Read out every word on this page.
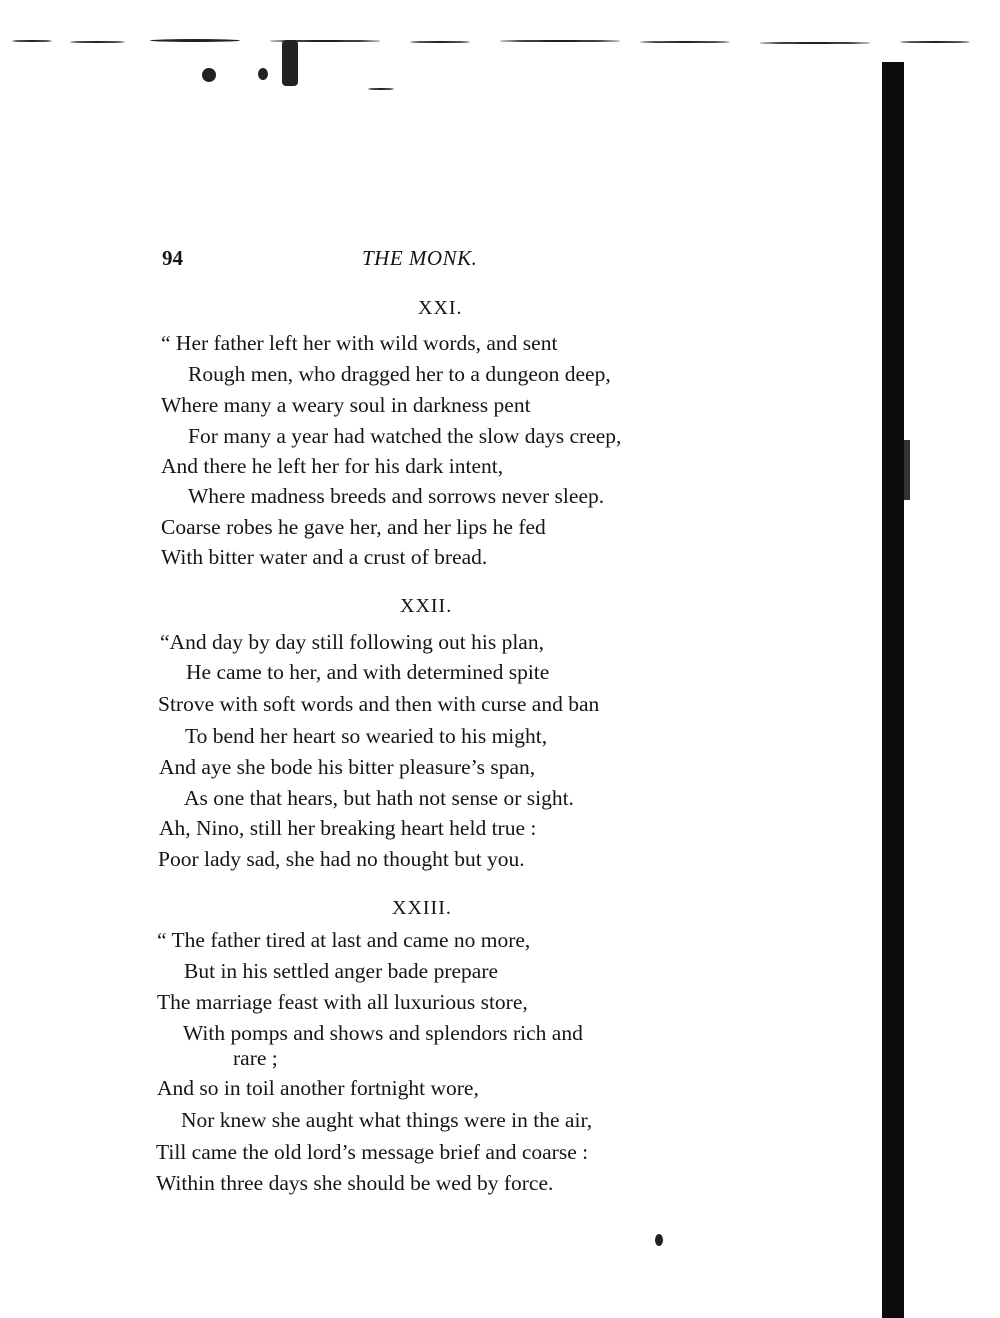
94	THE MONK.
XXI.
“ Her father left her with wild words, and sent
Rough men, who dragged her to a dungeon deep,
Where many a weary soul in darkness pent
For many a year had watched the slow days creep,
And there he left her for his dark intent,
Where madness breeds and sorrows never sleep.
Coarse robes he gave her, and her lips he fed
With bitter water and a crust of bread.
XXII.
“And day by day still following out his plan,
He came to her, and with determined spite
Strove with soft words and then with curse and ban
To bend her heart so wearied to his might,
And aye she bode his bitter pleasure’s span,
As one that hears, but hath not sense or sight.
Ah, Nino, still her breaking heart held true :
Poor lady sad, she had no thought but you.
XXIII.
“ The father tired at last and came no more,
But in his settled anger bade prepare
The marriage feast with all luxurious store,
With pomps and shows and splendors rich and
rare ;
And so in toil another fortnight wore,
Nor knew she aught what things were in the air,
Till came the old lord’s message brief and coarse :
Within three days she should be wed by force.
